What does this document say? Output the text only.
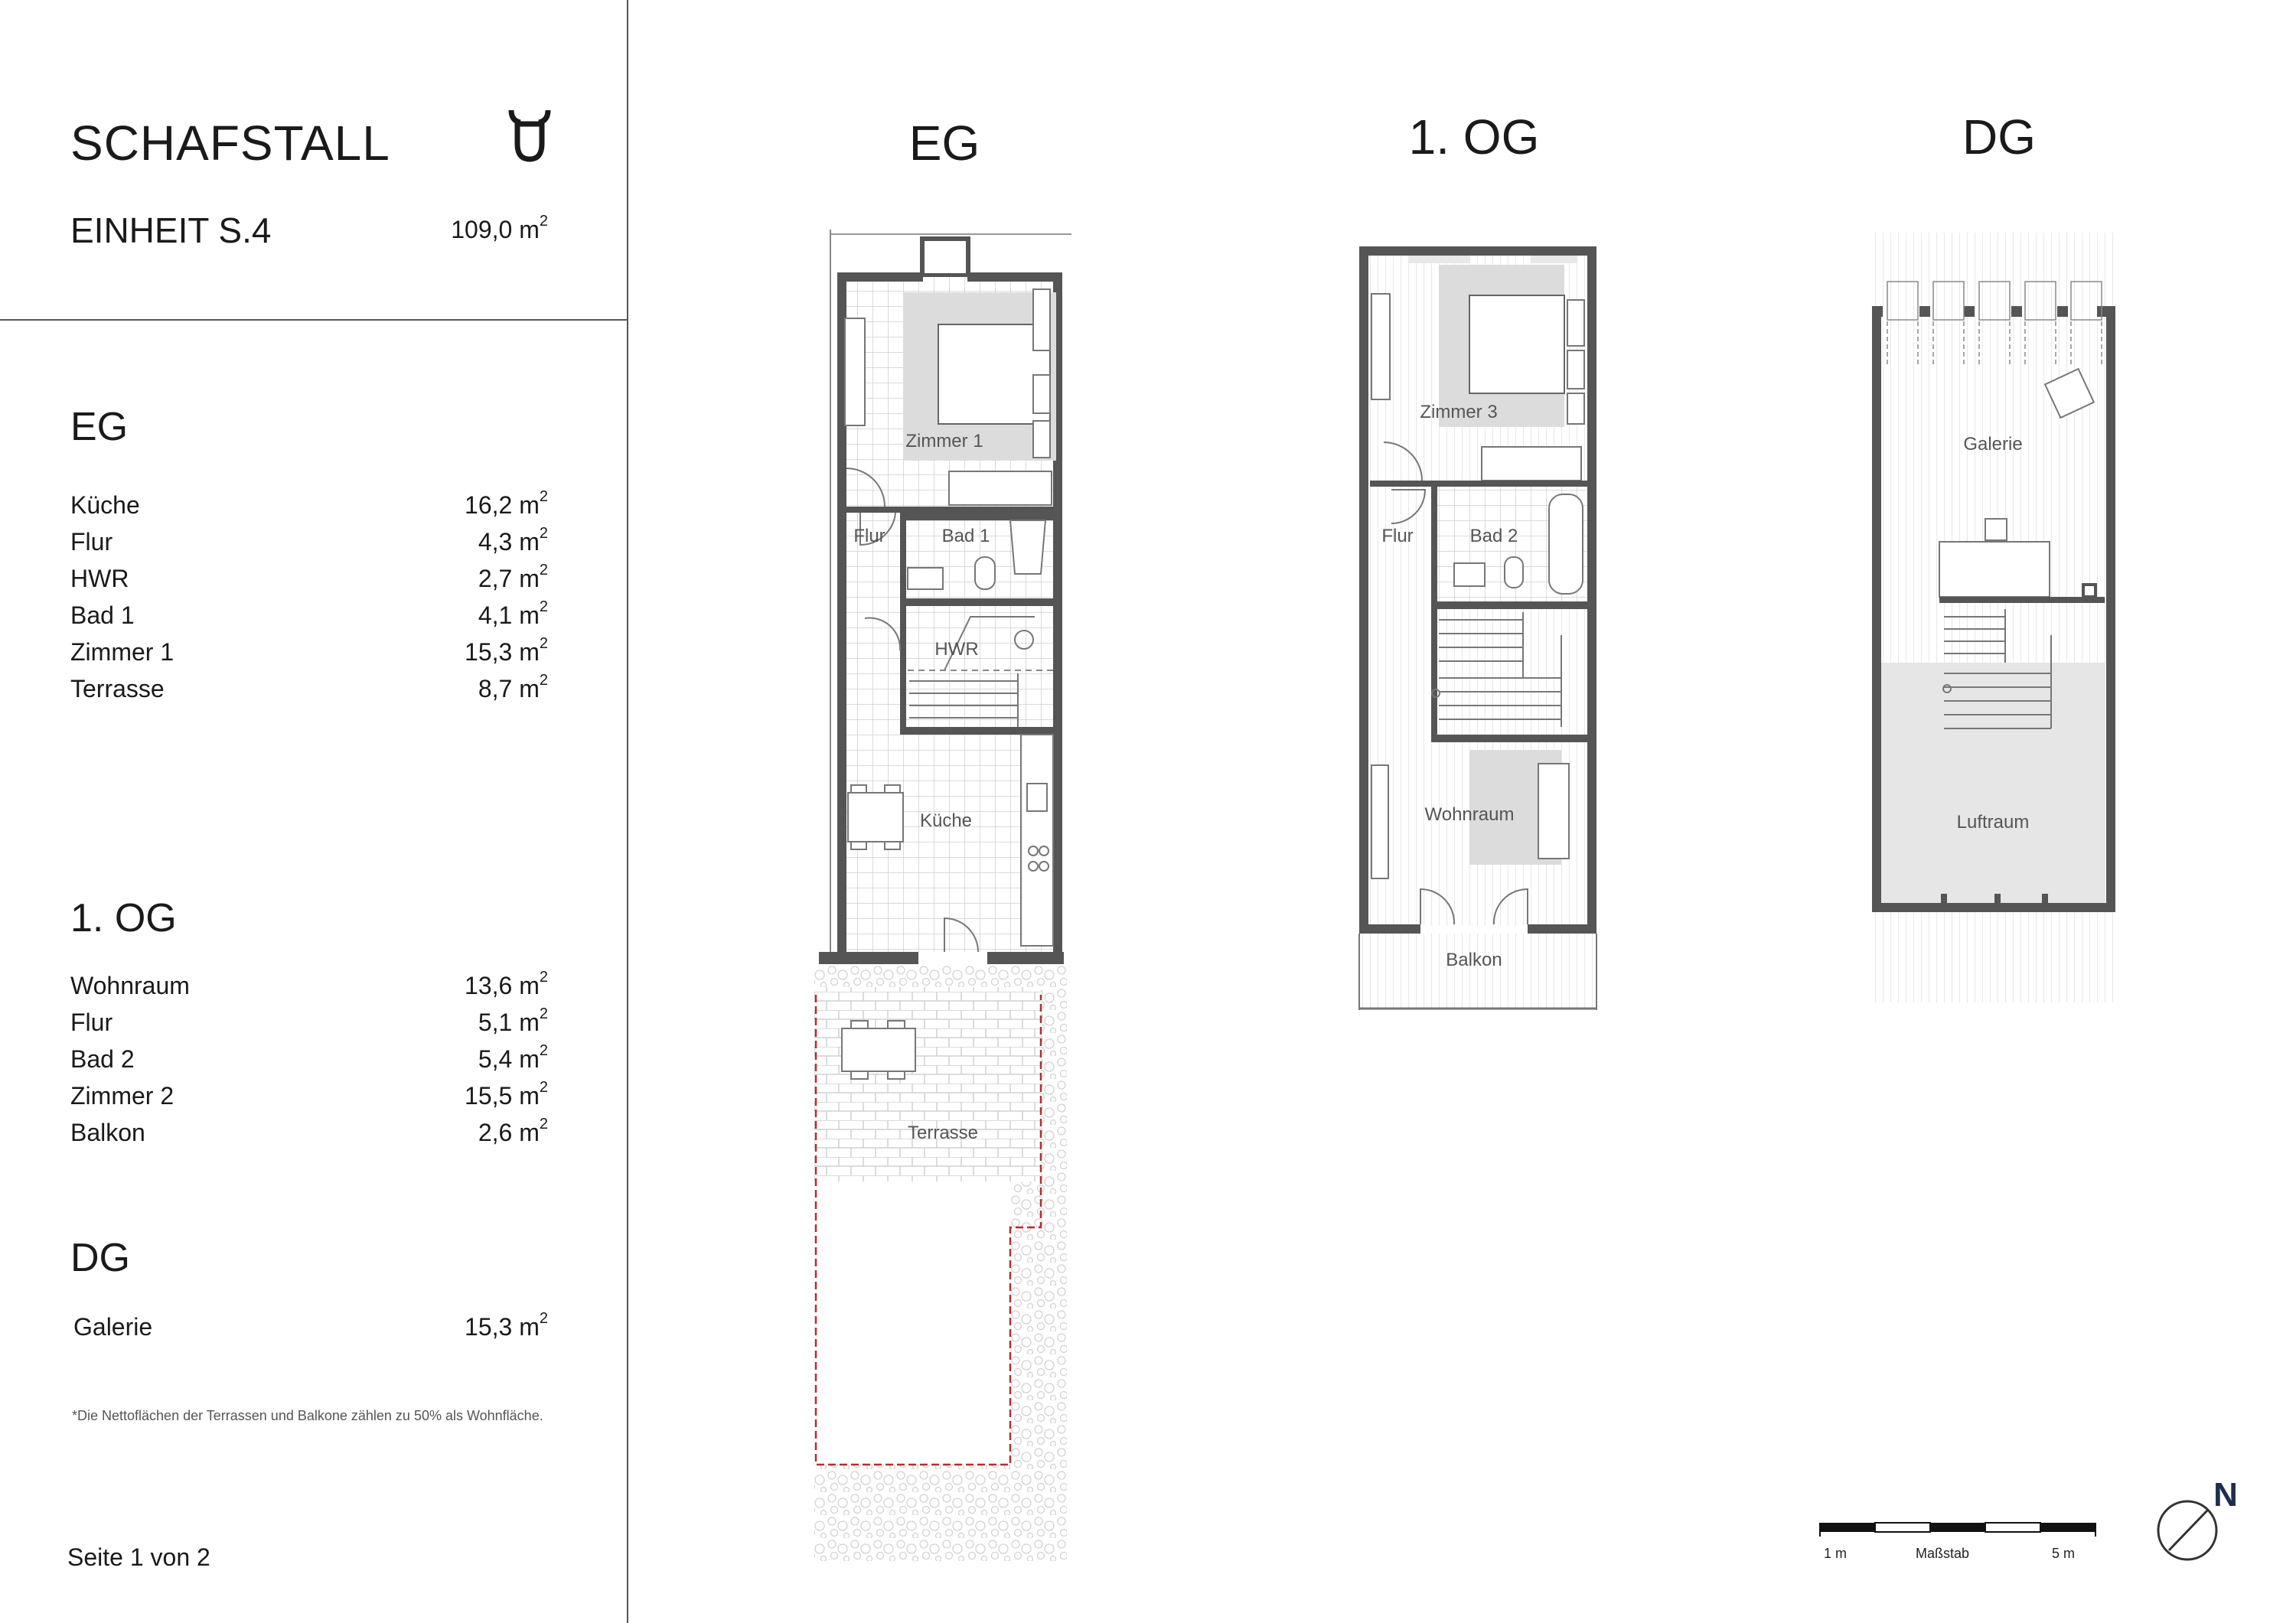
SCHAFSTALL
EINHEIT S.4	109,0 $m^2$
EG
Küche	16,2 $m^2$
Flur	4,3 $m^2$
HWR	2,7 $m^2$
Bad 1	4,1 $m^2$
Zimmer 1	15,3 $m^2$
Terrasse	8,7 $m^2$
1. OG
Wohnraum	13,6 $m^2$
Flur	5,1 $m^2$
Bad 2	5,4 $m^2$
Zimmer 2	15,5 $m^2$
Balkon	2,6 $m^2$
DG
Galerie	15,3 $m^2$
*Die Nettoflächen der Terrassen und Balkone zählen zu 50% als Wohnfläche.
Seite 1 von 2
EG	1. OG	DG
Zimmer 1
Flur	Bad 1
HWR
Küche
Terrasse
Zimmer 3
Flur	Bad 2
Wohnraum
Balkon
Galerie
Luftraum
1 m	Maßstab	5 m
N
